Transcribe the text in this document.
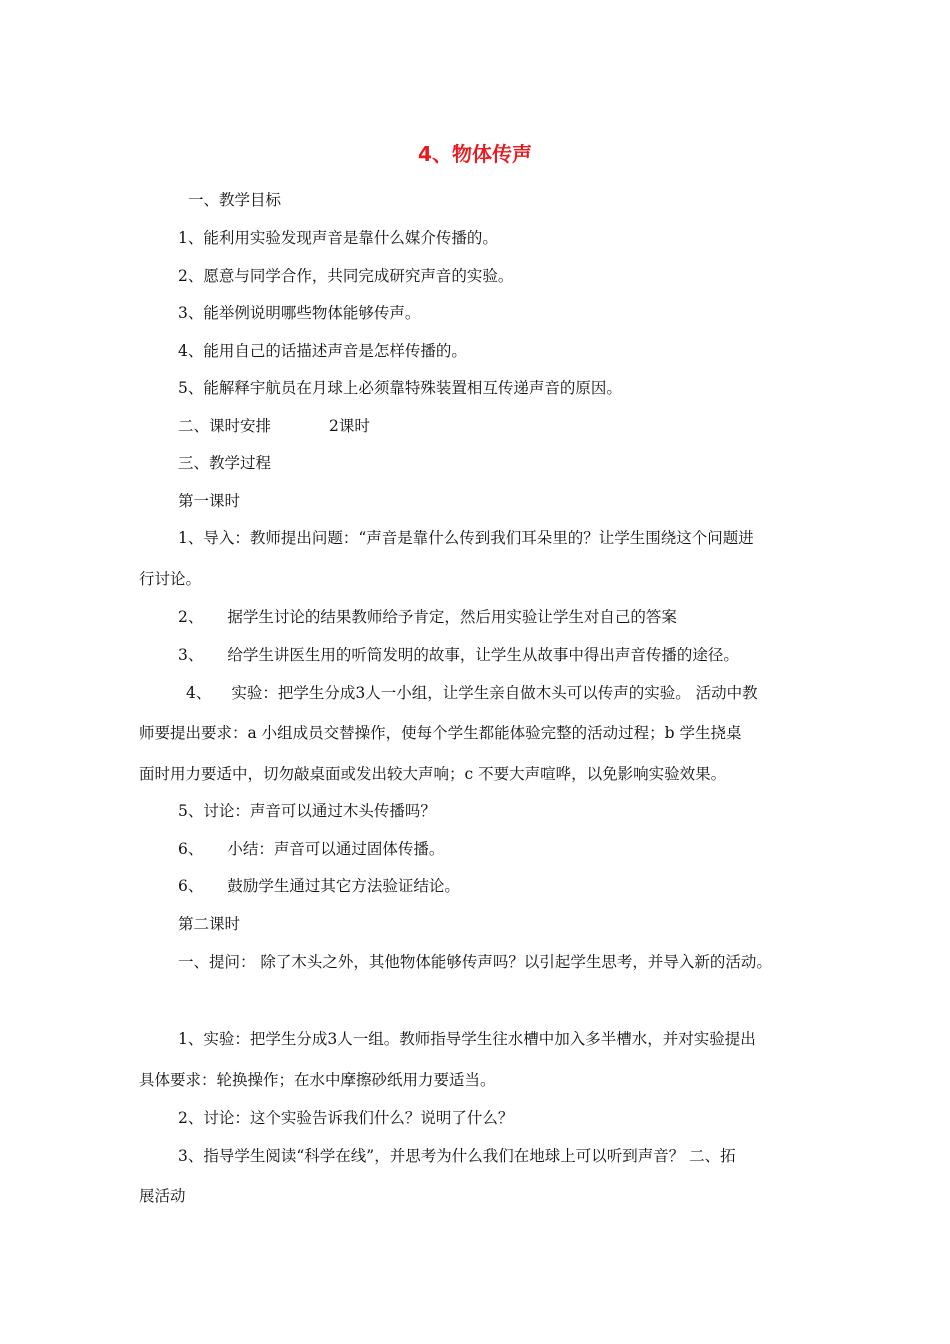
4、物体传声
一、教学目标
1、能利用实验发现声音是靠什么媒介传播的。
2、愿意与同学合作，共同完成研究声音的实验。
3、能举例说明哪些物体能够传声。
4、能用自己的话描述声音是怎样传播的。
5、能解释宇航员在月球上必须靠特殊装置相互传递声音的原因。
二、课时安排	2课时
三、教学过程
第一课时
1、导入：教师提出问题：“声音是靠什么传到我们耳朵里的？让学生围绕这个问题进
行讨论。
2、 据学生讨论的结果教师给予肯定，然后用实验让学生对自己的答案
3、 给学生讲医生用的听筒发明的故事，让学生从故事中得出声音传播的途径。
4、 实验：把学生分成3人一小组，让学生亲自做木头可以传声的实验。 活动中教
师要提出要求：a 小组成员交替操作，使每个学生都能体验完整的活动过程；b 学生挠桌
面时用力要适中，切勿敲桌面或发出较大声响；c 不要大声喧哗，以免影响实验效果。
5、讨论：声音可以通过木头传播吗？
6、 小结：声音可以通过固体传播。
6、 鼓励学生通过其它方法验证结论。
第二课时
一、提问： 除了木头之外，其他物体能够传声吗？以引起学生思考，并导入新的活动。
1、实验：把学生分成3人一组。教师指导学生往水槽中加入多半槽水，并对实验提出
具体要求：轮换操作；在水中摩擦砂纸用力要适当。
2、讨论：这个实验告诉我们什么？说明了什么？
3、指导学生阅读“科学在线”，并思考为什么我们在地球上可以听到声音？ 二、拓
展活动
